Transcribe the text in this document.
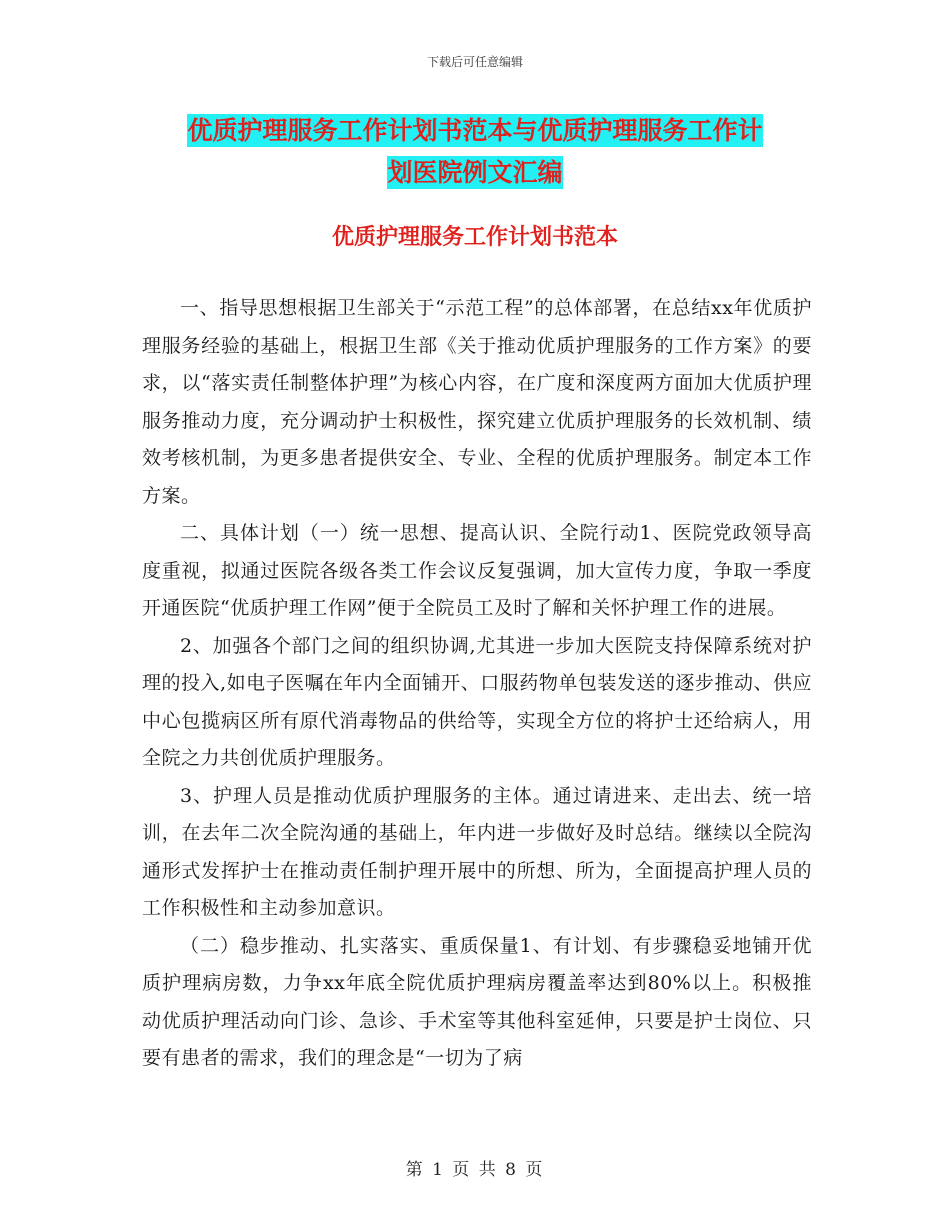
下载后可任意编辑
优质护理服务工作计划书范本与优质护理服务工作计
划医院例文汇编
优质护理服务工作计划书范本

一、指导思想根据卫生部关于“示范工程”的总体部署，在总结xx年优质护理服务经验的基础上，根据卫生部《关于推动优质护理服务的工作方案》的要求，以“落实责任制整体护理”为核心内容，在广度和深度两方面加大优质护理服务推动力度，充分调动护士积极性，探究建立优质护理服务的长效机制、绩效考核机制，为更多患者提供安全、专业、全程的优质护理服务。制定本工作方案。

二、具体计划（一）统一思想、提高认识、全院行动1、医院党政领导高度重视，拟通过医院各级各类工作会议反复强调，加大宣传力度，争取一季度开通医院“优质护理工作网”便于全院员工及时了解和关怀护理工作的进展。

2、加强各个部门之间的组织协调,尤其进一步加大医院支持保障系统对护理的投入,如电子医嘱在年内全面铺开、口服药物单包装发送的逐步推动、供应中心包揽病区所有原代消毒物品的供给等，实现全方位的将护士还给病人，用全院之力共创优质护理服务。

3、护理人员是推动优质护理服务的主体。通过请进来、走出去、统一培训，在去年二次全院沟通的基础上，年内进一步做好及时总结。继续以全院沟通形式发挥护士在推动责任制护理开展中的所想、所为，全面提高护理人员的工作积极性和主动参加意识。

（二）稳步推动、扎实落实、重质保量1、有计划、有步骤稳妥地铺开优质护理病房数，力争xx年底全院优质护理病房覆盖率达到80%以上。积极推动优质护理活动向门诊、急诊、手术室等其他科室延伸，只要是护士岗位、只要有患者的需求，我们的理念是“一切为了病

第 1 页 共 8 页
